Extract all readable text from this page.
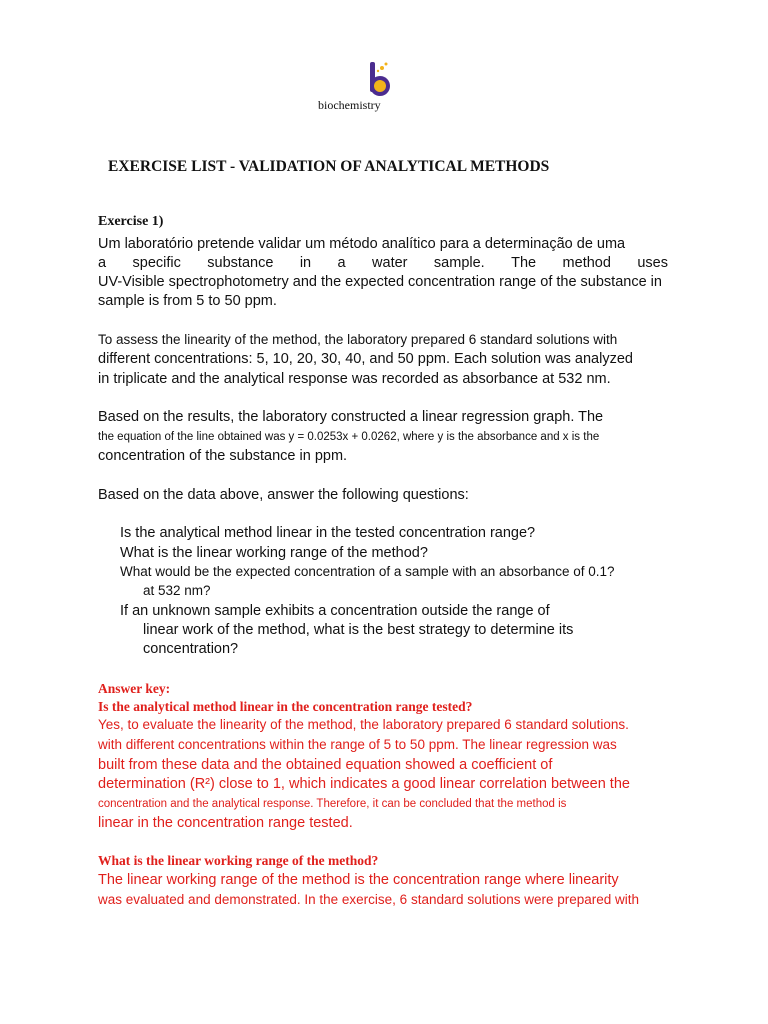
biochemistry
EXERCISE LIST - VALIDATION OF ANALYTICAL METHODS
Exercise 1)
Um laboratório pretende validar um método analítico para a determinação de uma
a specific substance in a water sample. The method uses
UV-Visible spectrophotometry and the expected concentration range of the substance in
sample is from 5 to 50 ppm.
To assess the linearity of the method, the laboratory prepared 6 standard solutions with
different concentrations: 5, 10, 20, 30, 40, and 50 ppm. Each solution was analyzed
in triplicate and the analytical response was recorded as absorbance at 532 nm.
Based on the results, the laboratory constructed a linear regression graph. The
the equation of the line obtained was y = 0.0253x + 0.0262, where y is the absorbance and x is the
concentration of the substance in ppm.
Based on the data above, answer the following questions:
Is the analytical method linear in the tested concentration range?
What is the linear working range of the method?
What would be the expected concentration of a sample with an absorbance of 0.1?
at 532 nm?
If an unknown sample exhibits a concentration outside the range of
linear work of the method, what is the best strategy to determine its
concentration?
Answer key:
Is the analytical method linear in the concentration range tested?
Yes, to evaluate the linearity of the method, the laboratory prepared 6 standard solutions.
with different concentrations within the range of 5 to 50 ppm. The linear regression was
built from these data and the obtained equation showed a coefficient of
determination (R²) close to 1, which indicates a good linear correlation between the
concentration and the analytical response. Therefore, it can be concluded that the method is
linear in the concentration range tested.
What is the linear working range of the method?
The linear working range of the method is the concentration range where linearity
was evaluated and demonstrated. In the exercise, 6 standard solutions were prepared with
